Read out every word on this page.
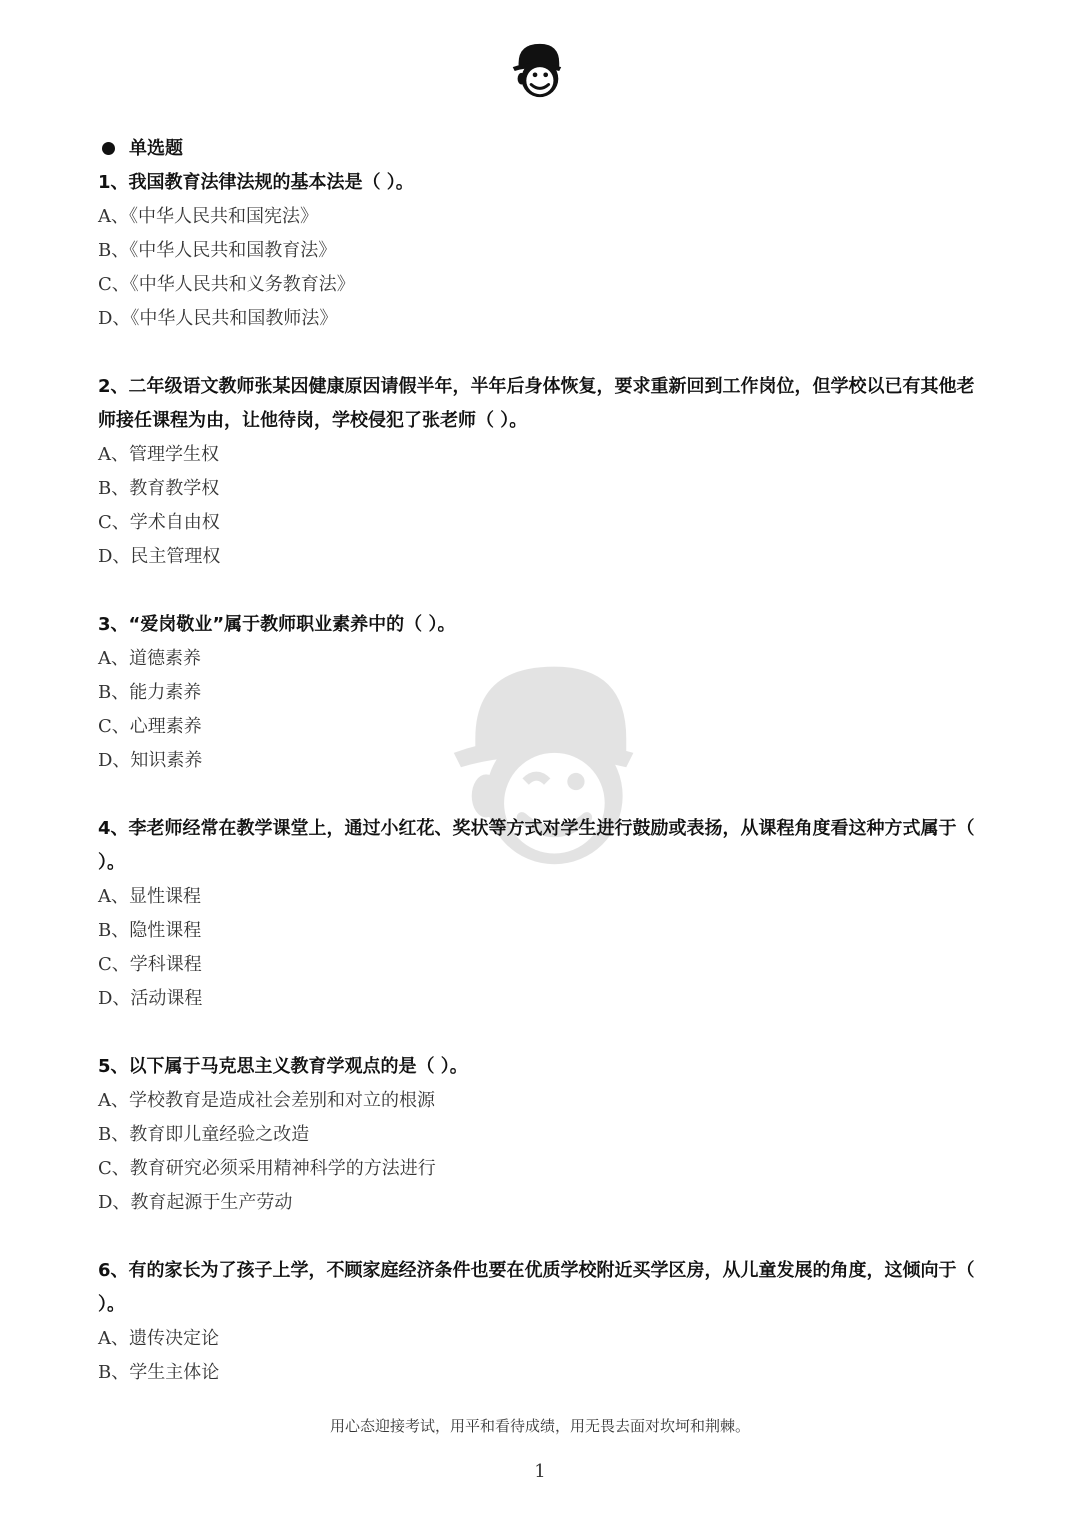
单选题
1、我国教育法律法规的基本法是（ ）。
A、《中华人民共和国宪法》
B、《中华人民共和国教育法》
C、《中华人民共和义务教育法》
D、《中华人民共和国教师法》
2、二年级语文教师张某因健康原因请假半年，半年后身体恢复，要求重新回到工作岗位，但学校以已有其他老师接任课程为由，让他待岗，学校侵犯了张老师（ ）。
A、管理学生权
B、教育教学权
C、学术自由权
D、民主管理权
3、“爱岗敬业”属于教师职业素养中的（ ）。
A、道德素养
B、能力素养
C、心理素养
D、知识素养
4、李老师经常在教学课堂上，通过小红花、奖状等方式对学生进行鼓励或表扬，从课程角度看这种方式属于（ ）。
A、显性课程
B、隐性课程
C、学科课程
D、活动课程
5、以下属于马克思主义教育学观点的是（ ）。
A、学校教育是造成社会差别和对立的根源
B、教育即儿童经验之改造
C、教育研究必须采用精神科学的方法进行
D、教育起源于生产劳动
6、有的家长为了孩子上学，不顾家庭经济条件也要在优质学校附近买学区房，从儿童发展的角度，这倾向于（ ）。
A、遗传决定论
B、学生主体论
用心态迎接考试，用平和看待成绩，用无畏去面对坎坷和荆棘。
1
